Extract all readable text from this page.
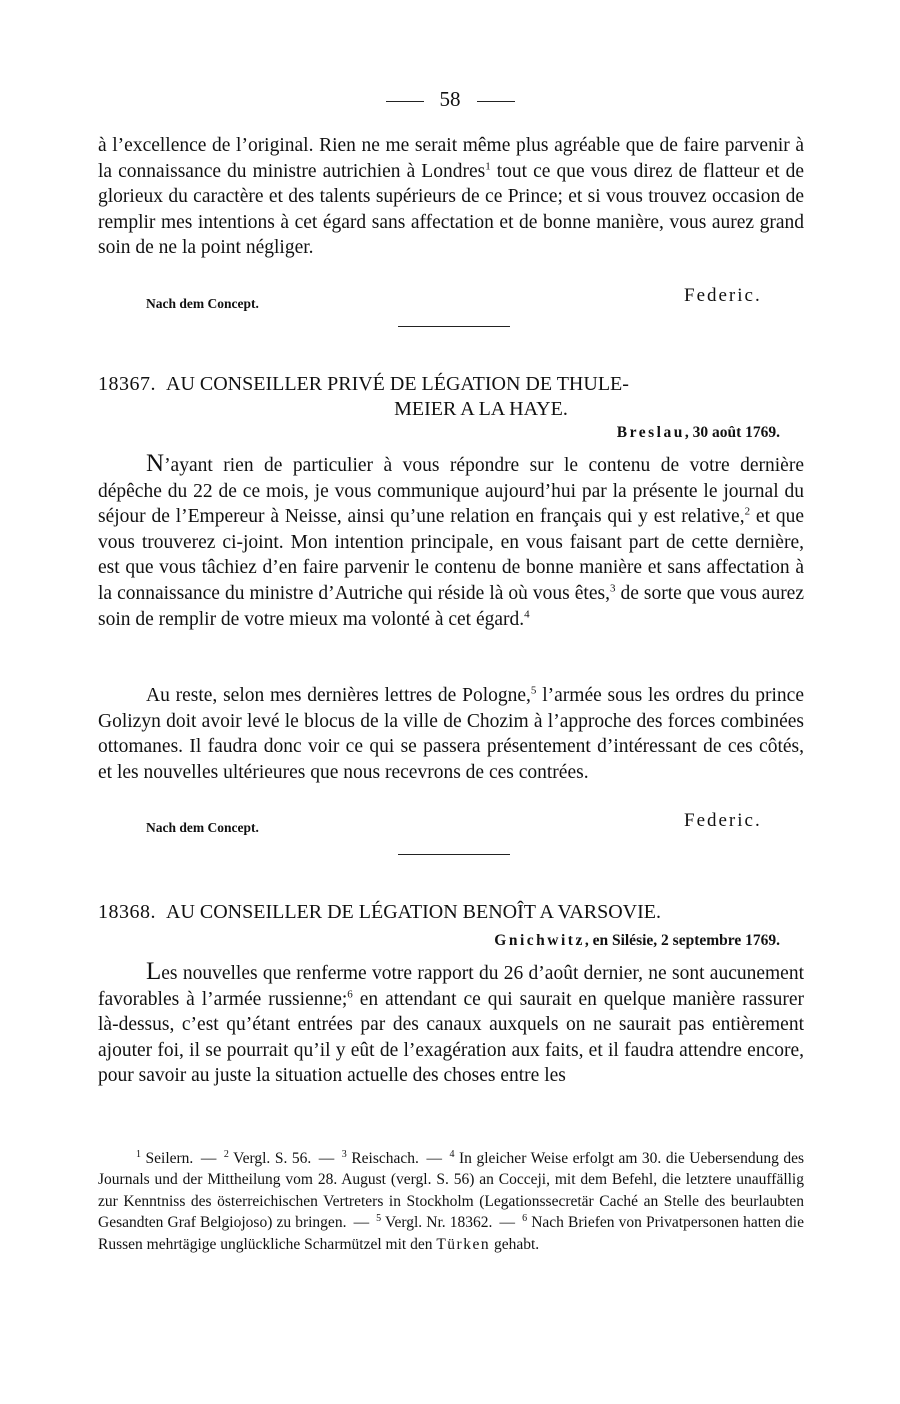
58

à l’excellence de l’original. Rien ne me serait même plus agréable que de faire parvenir à la connaissance du ministre autrichien à Londres$^1$ tout ce que vous direz de flatteur et de glorieux du caractère et des talents supérieurs de ce Prince; et si vous trouvez occasion de remplir mes intentions à cet égard sans affectation et de bonne manière, vous aurez grand soin de ne la point négliger.

Nach dem Concept.	Federic.
18367. AU CONSEILLER PRIVÉ DE LÉGATION DE THULE-
MEIER A LA HAYE.
Breslau, 30 août 1769.

N’ayant rien de particulier à vous répondre sur le contenu de votre dernière dépêche du 22 de ce mois, je vous communique aujourd’hui par la présente le journal du séjour de l’Empereur à Neisse, ainsi qu’une relation en français qui y est relative,$^2$ et que vous trouverez ci-joint. Mon intention principale, en vous faisant part de cette dernière, est que vous tâchiez d’en faire parvenir le contenu de bonne manière et sans affectation à la connaissance du ministre d’Autriche qui réside là où vous êtes,$^3$ de sorte que vous aurez soin de remplir de votre mieux ma volonté à cet égard.$^4$

Au reste, selon mes dernières lettres de Pologne,$^5$ l’armée sous les ordres du prince Golizyn doit avoir levé le blocus de la ville de Chozim à l’approche des forces combinées ottomanes. Il faudra donc voir ce qui se passera présentement d’intéressant de ces côtés, et les nouvelles ultérieures que nous recevrons de ces contrées.

Nach dem Concept.	Federic.
18368. AU CONSEILLER DE LÉGATION BENOÎT A VARSOVIE.
Gnichwitz, en Silésie, 2 septembre 1769.

Les nouvelles que renferme votre rapport du 26 d’août dernier, ne sont aucunement favorables à l’armée russienne;$^6$ en attendant ce qui saurait en quelque manière rassurer là-dessus, c’est qu’étant entrées par des canaux auxquels on ne saurait pas entièrement ajouter foi, il se pourrait qu’il y eût de l’exagération aux faits, et il faudra attendre encore, pour savoir au juste la situation actuelle des choses entre les

$^1$ Seilern. — $^2$ Vergl. S. 56. — $^3$ Reischach. — $^4$ In gleicher Weise erfolgt am 30. die Uebersendung des Journals und der Mittheilung vom 28. August (vergl. S. 56) an Cocceji, mit dem Befehl, die letztere unauffällig zur Kenntniss des österreichischen Vertreters in Stockholm (Legationssecretär Caché an Stelle des beurlaubten Gesandten Graf Belgiojoso) zu bringen. — $^5$ Vergl. Nr. 18362. — $^6$ Nach Briefen von Privatpersonen hatten die Russen mehrtägige unglückliche Scharmützel mit den Türken gehabt.
